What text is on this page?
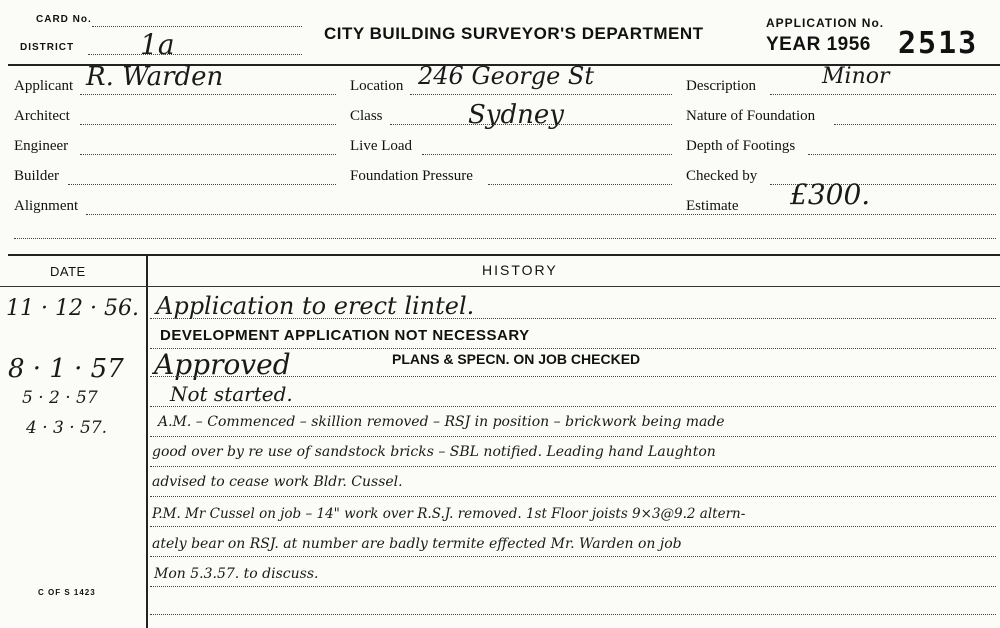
CARD No.
DISTRICT 1a	CITY BUILDING SURVEYOR'S DEPARTMENT
APPLICATION No.
YEAR 1956 2513
Applicant R. Warden
Architect
Engineer
Builder
Alignment
Location 246 George St
Class	Sydney
Live Load
Foundation Pressure
Description	Minor
Nature of Foundation
Depth of Footings
Checked by
Estimate £300.
DATE	HISTORY
11 · 12 · 56. Application to erect lintel.
DEVELOPMENT APPLICATION NOT NECESSARY
8 · 1 · 57 Approved	PLANS & SPECN. ON JOB CHECKED
5 · 2 · 57	Not started.
4 · 3 · 57.	A.M. – Commenced – skillion removed – RSJ in position – brickwork being made
good over by re use of sandstock bricks – SBL notified. Leading hand Laughton
advised to cease work Bldr. Cussel.
P.M. Mr Cussel on job – 14" work over R.S.J. removed. 1st Floor joists 9×3@9.2 altern-
ately bear on RSJ. at number are badly termite effected Mr. Warden on job
Mon 5.3.57. to discuss.
C OF S 1423
